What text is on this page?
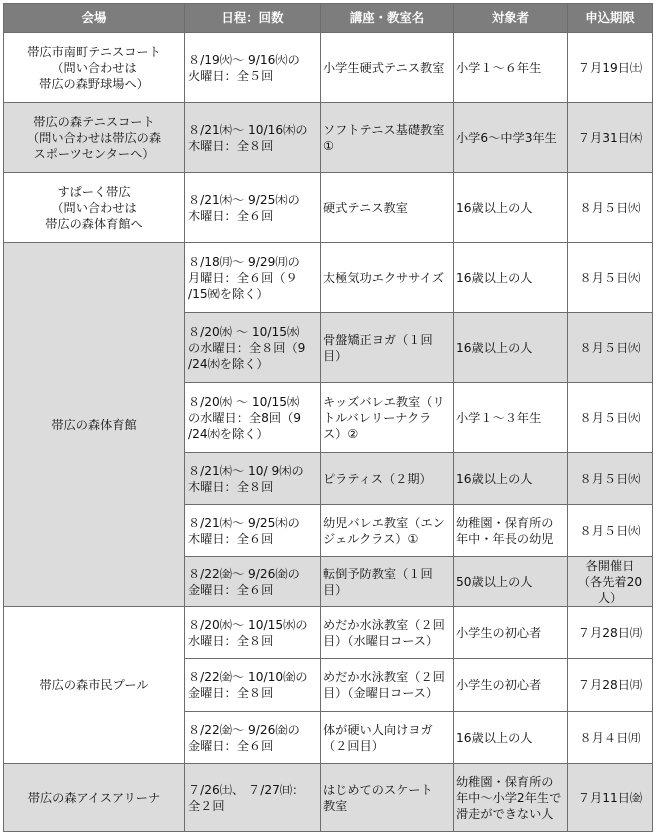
会場	日程：回数	講座・教室名	対象者	申込期限
帯広市南町テニスコート
（問い合わせは
帯広の森野球場へ）	８/19㈫～ 9/16㈫の
火曜日：全５回	小学生硬式テニス教室	小学１～６年生	７月19日㈯
帯広の森テニスコート
（問い合わせは帯広の森
スポーツセンターへ）	８/21㈭～ 10/16㈭の
木曜日：全８回	ソフトテニス基礎教室
①	小学6～中学3年生	７月31日㈭
すぱーく帯広
（問い合わせは
帯広の森体育館へ	８/21㈭～ 9/25㈭の
木曜日：全６回	硬式テニス教室	16歳以上の人	８月５日㈫
帯広の森体育館	８/18㈪～ 9/29㈪の
月曜日：全６回（９
/15㈷を除く）	太極気功エクササイズ	16歳以上の人	８月５日㈫
	８/20㈬ ～ 10/15㈬
の水曜日：全８回（9
/24㈬を除く）	骨盤矯正ヨガ（１回
目）	16歳以上の人	８月５日㈫
	８/20㈬ ～ 10/15㈬
の水曜日：全8回（9
/24㈬を除く）	キッズバレエ教室（リ
トルバレリーナクラ
ス）②	小学１～３年生	８月５日㈫
	８/21㈭～ 10/ 9㈭の
木曜日：全８回	ピラティス（２期）	16歳以上の人	８月５日㈫
	８/21㈭～ 9/25㈭の
木曜日：全６回	幼児バレエ教室（エン
ジェルクラス）①	幼稚園・保育所の
年中・年長の幼児	８月５日㈫
	８/22㈮～ 9/26㈮の
金曜日：全６回	転倒予防教室（１回
目）	50歳以上の人	各開催日
（各先着20人）
帯広の森市民プール	８/20㈬～ 10/15㈬の
水曜日：全８回	めだか水泳教室（２回
目）（水曜日コース）	小学生の初心者	７月28日㈪
	８/22㈮～ 10/10㈮の
金曜日：全８回	めだか水泳教室（２回
目）（金曜日コース）	小学生の初心者	７月28日㈪
	８/22㈮～ 9/26㈮の
金曜日：全６回	体が硬い人向けヨガ
（２回目）	16歳以上の人	８月４日㈪
帯広の森アイスアリーナ	７/26㈯、 ７/27㈰：
全２回	はじめてのスケート
教室	幼稚園・保育所の
年中～小学2年生で
滑走ができない人	７月11日㈮
